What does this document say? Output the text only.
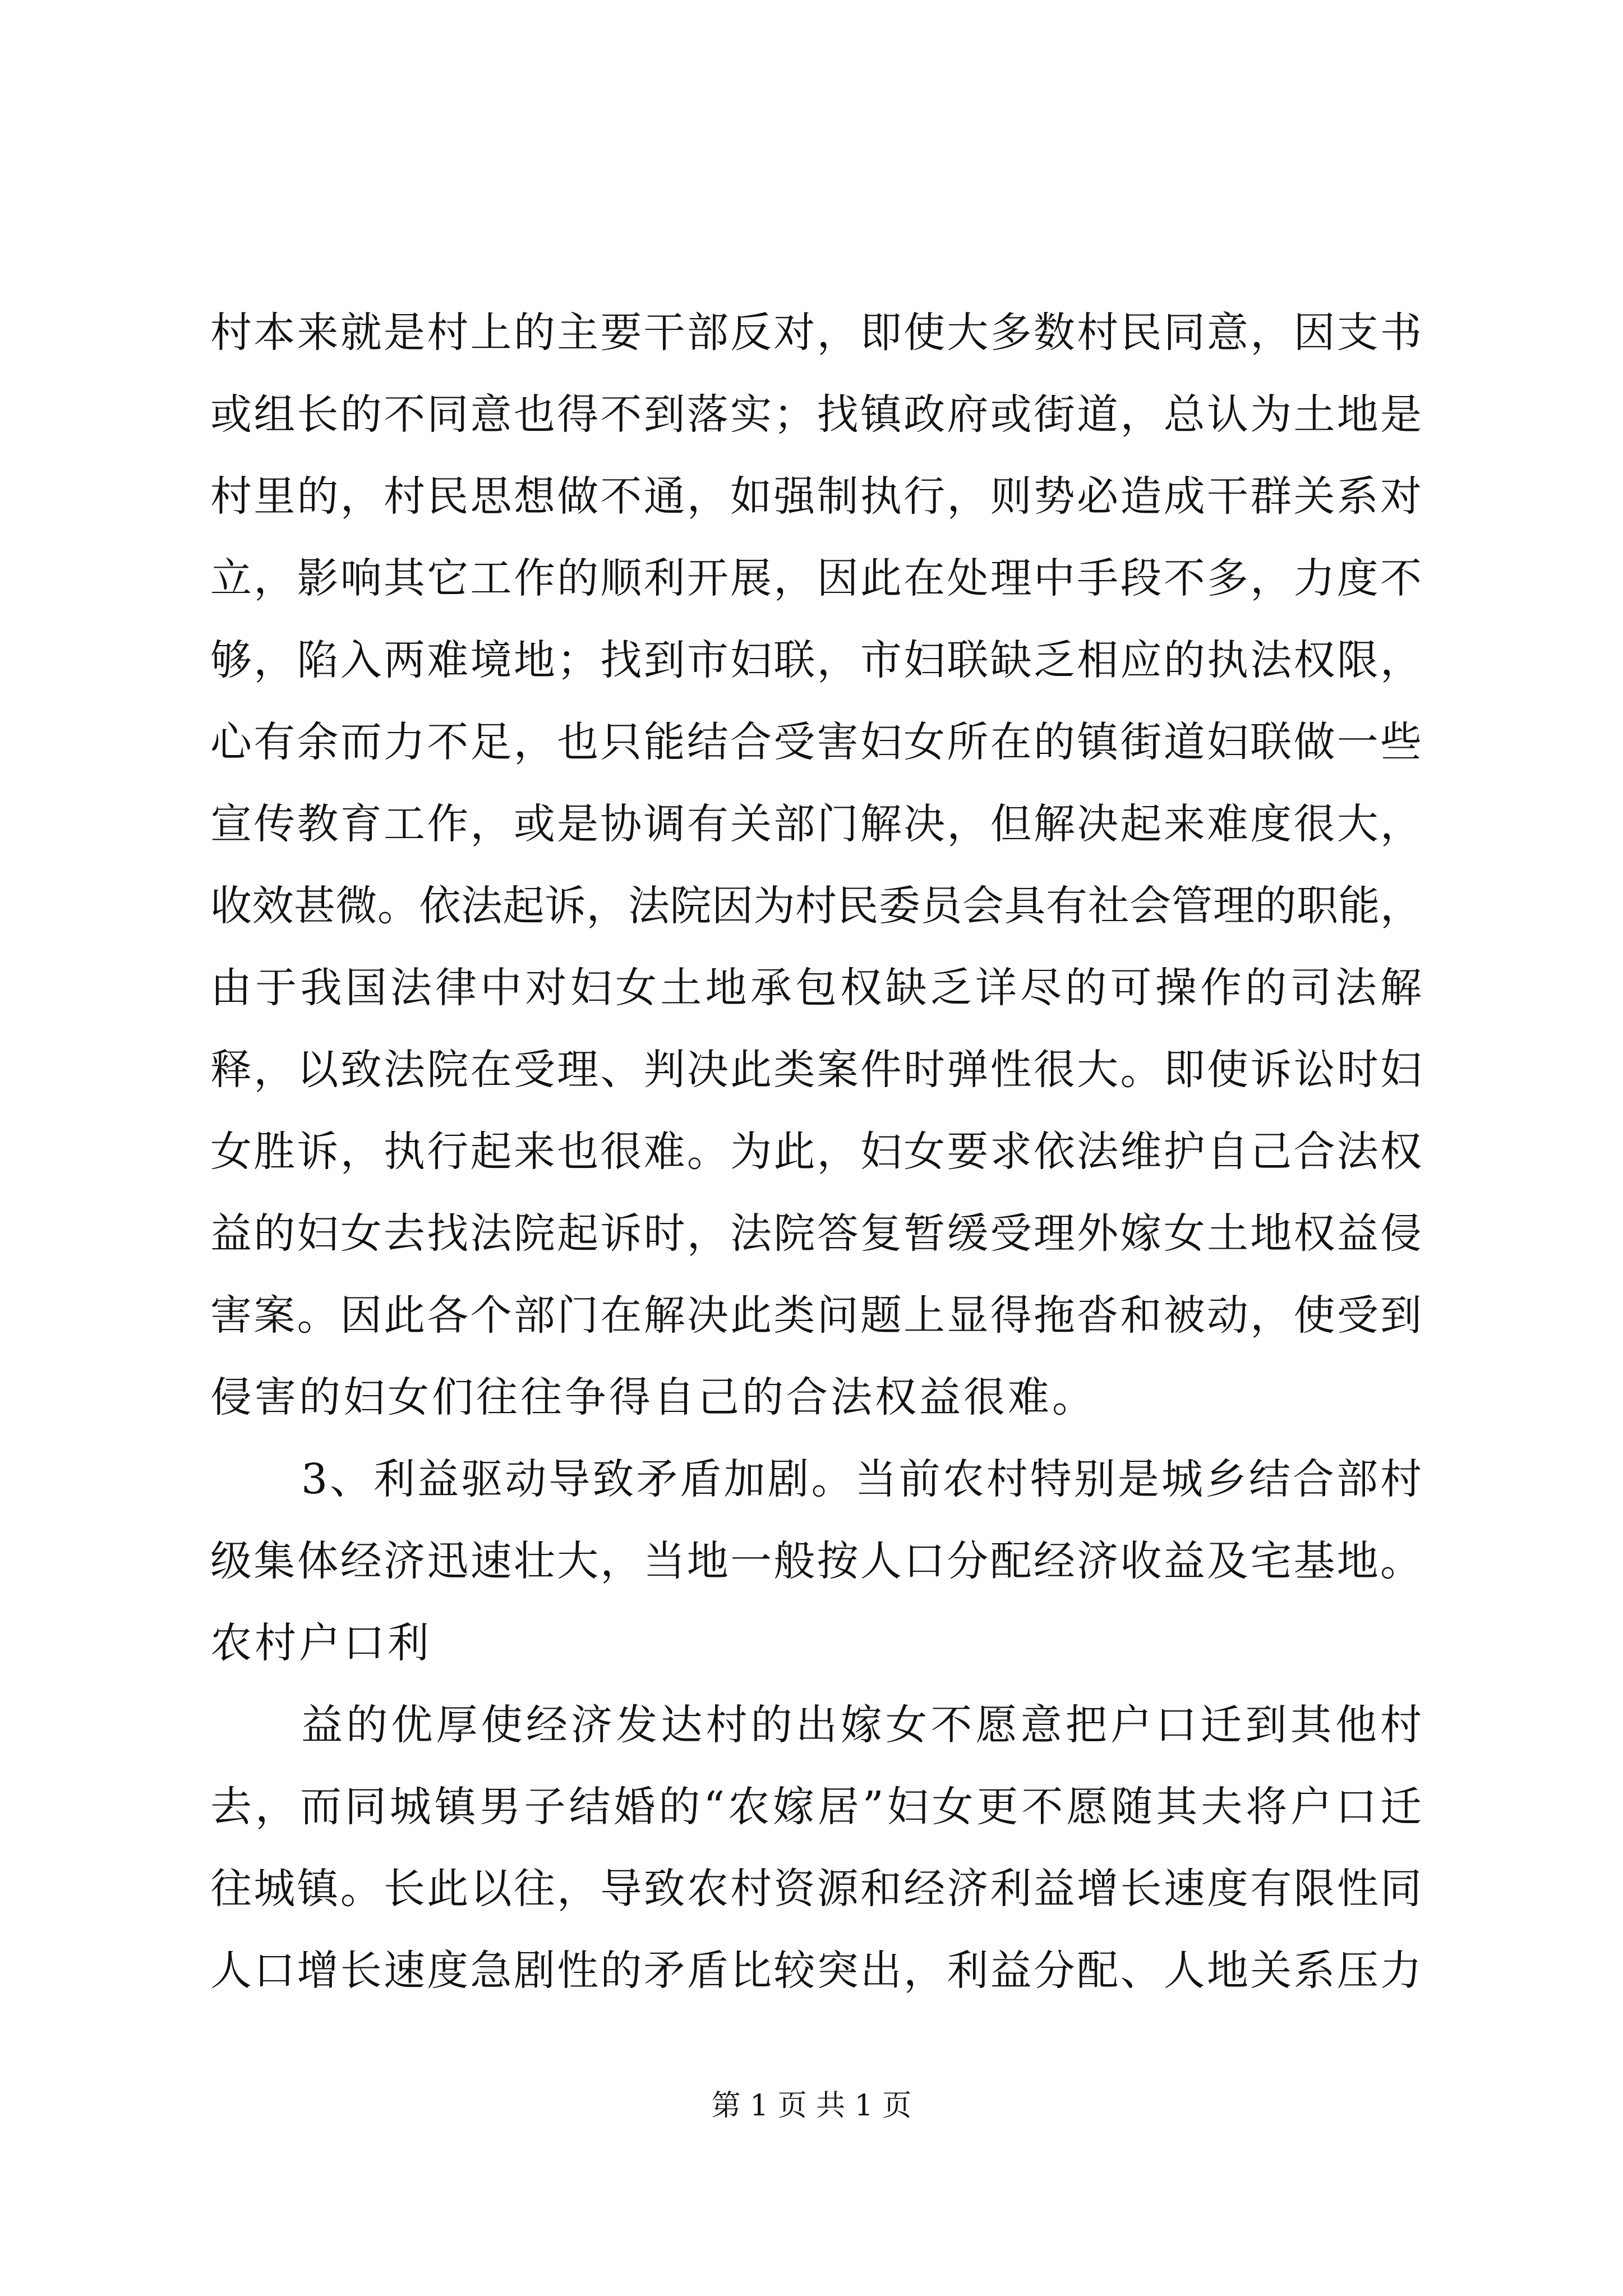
村本来就是村上的主要干部反对，即使大多数村民同意，因支书
或组长的不同意也得不到落实；找镇政府或街道，总认为土地是
村里的，村民思想做不通，如强制执行，则势必造成干群关系对
立，影响其它工作的顺利开展，因此在处理中手段不多，力度不
够，陷入两难境地；找到市妇联，市妇联缺乏相应的执法权限，
心有余而力不足，也只能结合受害妇女所在的镇街道妇联做一些
宣传教育工作，或是协调有关部门解决，但解决起来难度很大，
收效甚微。依法起诉，法院因为村民委员会具有社会管理的职能，
由于我国法律中对妇女土地承包权缺乏详尽的可操作的司法解
释，以致法院在受理、判决此类案件时弹性很大。即使诉讼时妇
女胜诉，执行起来也很难。为此，妇女要求依法维护自己合法权
益的妇女去找法院起诉时，法院答复暂缓受理外嫁女土地权益侵
害案。因此各个部门在解决此类问题上显得拖沓和被动，使受到
侵害的妇女们往往争得自己的合法权益很难。
3、利益驱动导致矛盾加剧。当前农村特别是城乡结合部村
级集体经济迅速壮大，当地一般按人口分配经济收益及宅基地。
农村户口利
益的优厚使经济发达村的出嫁女不愿意把户口迁到其他村
去，而同城镇男子结婚的“农嫁居”妇女更不愿随其夫将户口迁
往城镇。长此以往，导致农村资源和经济利益增长速度有限性同
人口增长速度急剧性的矛盾比较突出，利益分配、人地关系压力
第 1 页 共 1 页
